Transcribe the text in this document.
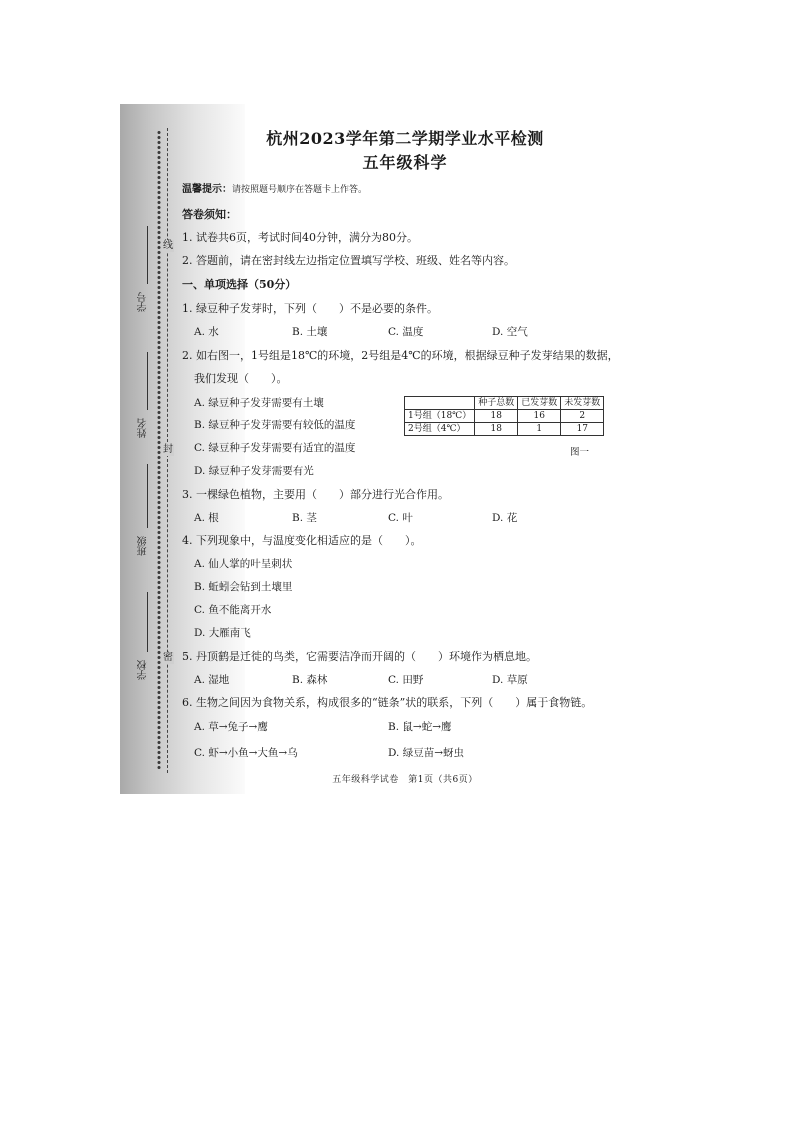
线
封
密
学号
姓名
班级
学校
杭州2023学年第二学期学业水平检测
五年级科学
温馨提示：请按照题号顺序在答题卡上作答。
答卷须知：
1. 试卷共6页，考试时间40分钟，满分为80分。
2. 答题前，请在密封线左边指定位置填写学校、班级、姓名等内容。
一、单项选择（50分）
1. 绿豆种子发芽时，下列（　　）不是必要的条件。
A. 水	B. 土壤	C. 温度	D. 空气
2. 如右图一，1号组是18℃的环境，2号组是4℃的环境，根据绿豆种子发芽结果的数据，
我们发现（　　）。
A. 绿豆种子发芽需要有土壤
B. 绿豆种子发芽需要有较低的温度
C. 绿豆种子发芽需要有适宜的温度
D. 绿豆种子发芽需要有光
	种子总数	已发芽数	未发芽数
1号组（18℃）	18	16	2
2号组（4℃）	18	1	17
图一
3. 一棵绿色植物，主要用（　　）部分进行光合作用。
A. 根	B. 茎	C. 叶	D. 花
4. 下列现象中，与温度变化相适应的是（　　）。
A. 仙人掌的叶呈刺状
B. 蚯蚓会钻到土壤里
C. 鱼不能离开水
D. 大雁南飞
5. 丹顶鹤是迁徙的鸟类，它需要洁净而开阔的（　　）环境作为栖息地。
A. 湿地	B. 森林	C. 田野	D. 草原
6. 生物之间因为食物关系，构成很多的“链条”状的联系，下列（　　）属于食物链。
A. 草→兔子→鹰	B. 鼠→蛇→鹰
C. 虾→小鱼→大鱼→乌	D. 绿豆苗→蚜虫
五年级科学试卷　第1页（共6页）
